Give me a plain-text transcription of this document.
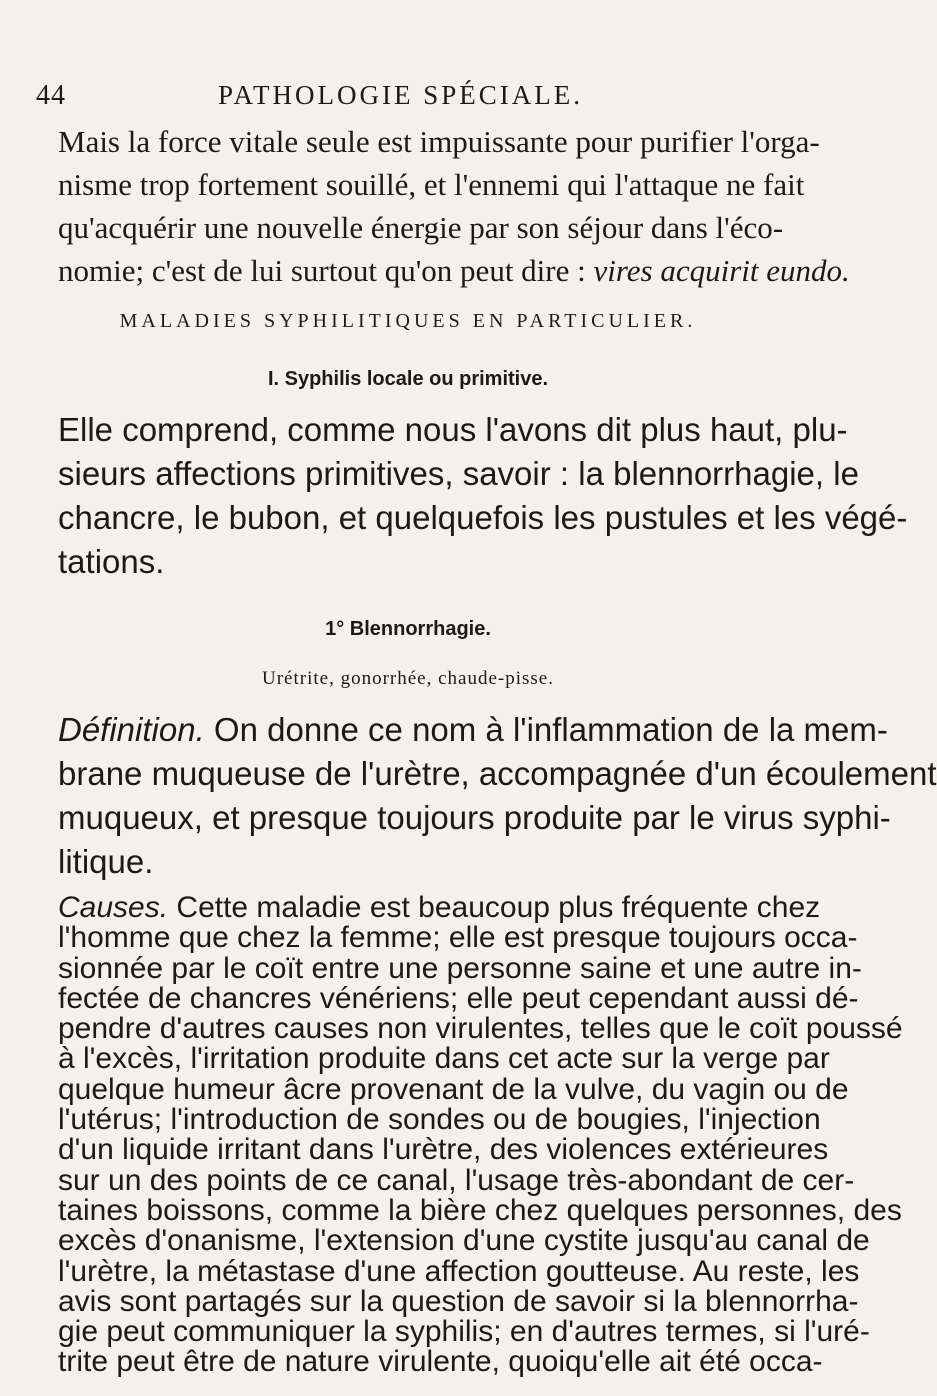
44	PATHOLOGIE SPÉCIALE.
Mais la force vitale seule est impuissante pour purifier l'orga-
nisme trop fortement souillé, et l'ennemi qui l'attaque ne fait
qu'acquérir une nouvelle énergie par son séjour dans l'éco-
nomie; c'est de lui surtout qu'on peut dire : vires acquirit eundo.
MALADIES SYPHILITIQUES EN PARTICULIER.
I. Syphilis locale ou primitive.
Elle comprend, comme nous l'avons dit plus haut, plu-
sieurs affections primitives, savoir : la blennorrhagie, le
chancre, le bubon, et quelquefois les pustules et les végé-
tations.
1° Blennorrhagie.
Urétrite, gonorrhée, chaude-pisse.
Définition. On donne ce nom à l'inflammation de la mem-
brane muqueuse de l'urètre, accompagnée d'un écoulement
muqueux, et presque toujours produite par le virus syphi-
litique.
Causes. Cette maladie est beaucoup plus fréquente chez
l'homme que chez la femme; elle est presque toujours occa-
sionnée par le coït entre une personne saine et une autre in-
fectée de chancres vénériens; elle peut cependant aussi dé-
pendre d'autres causes non virulentes, telles que le coït poussé
à l'excès, l'irritation produite dans cet acte sur la verge par
quelque humeur âcre provenant de la vulve, du vagin ou de
l'utérus; l'introduction de sondes ou de bougies, l'injection
d'un liquide irritant dans l'urètre, des violences extérieures
sur un des points de ce canal, l'usage très-abondant de cer-
taines boissons, comme la bière chez quelques personnes, des
excès d'onanisme, l'extension d'une cystite jusqu'au canal de
l'urètre, la métastase d'une affection goutteuse. Au reste, les
avis sont partagés sur la question de savoir si la blennorrha-
gie peut communiquer la syphilis; en d'autres termes, si l'uré-
trite peut être de nature virulente, quoiqu'elle ait été occa-
